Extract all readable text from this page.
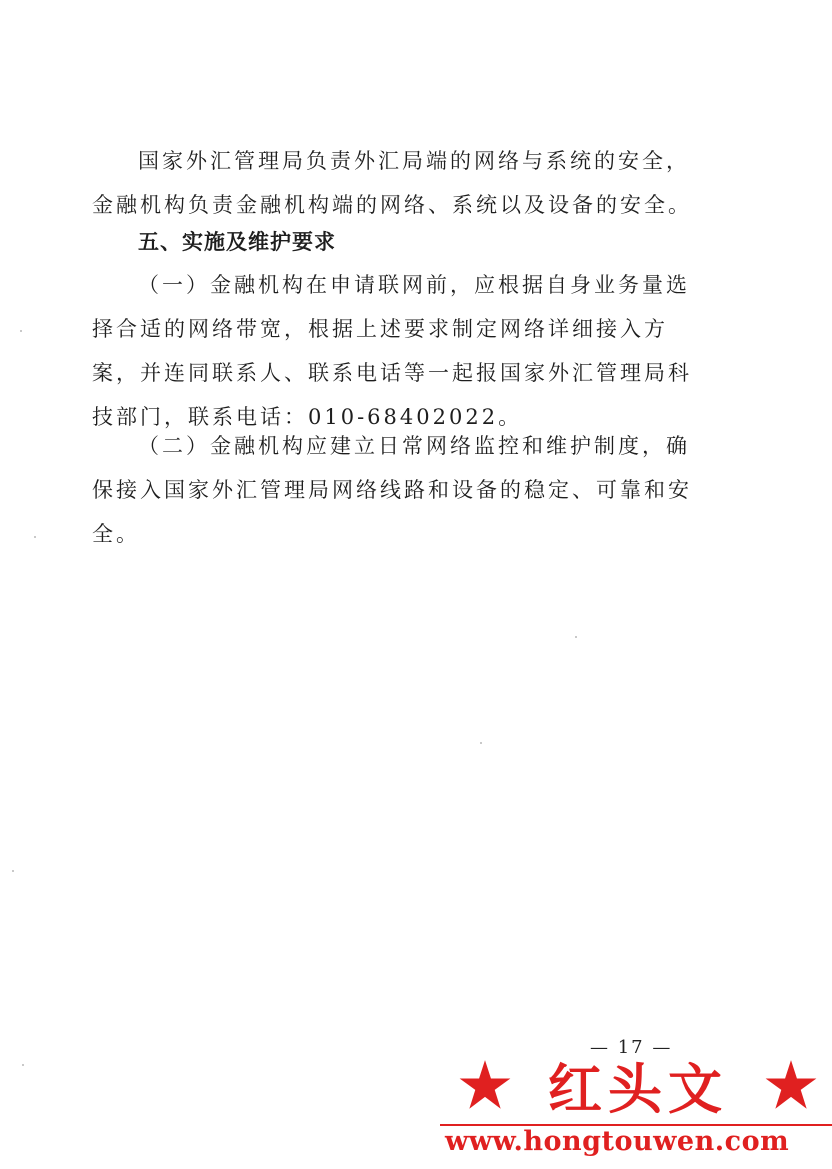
国家外汇管理局负责外汇局端的网络与系统的安全，金融机构负责金融机构端的网络、系统以及设备的安全。

五、实施及维护要求

（一）金融机构在申请联网前，应根据自身业务量选择合适的网络带宽，根据上述要求制定网络详细接入方案，并连同联系人、联系电话等一起报国家外汇管理局科技部门，联系电话：010-68402022。

（二）金融机构应建立日常网络监控和维护制度，确保接入国家外汇管理局网络线路和设备的稳定、可靠和安全。

— 17 —
红头文
www.hongtouwen.com
